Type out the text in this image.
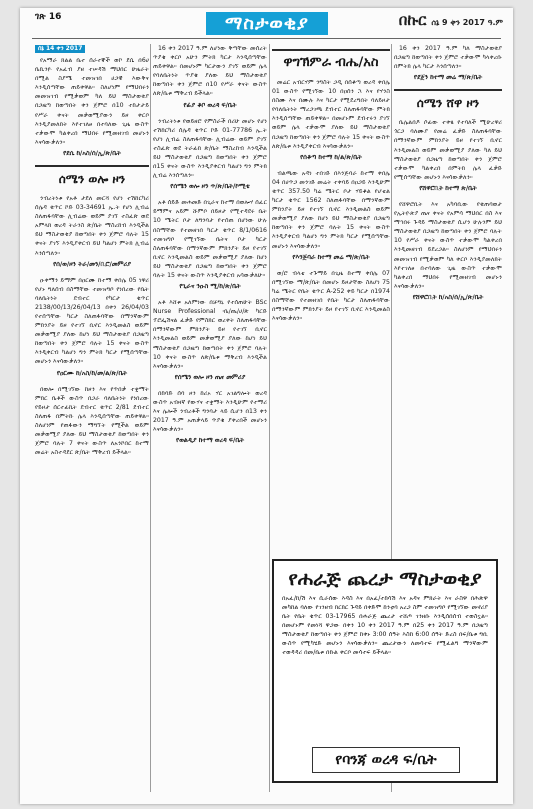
ገጽ 16	ማስታወቂያ	በኩር ሰኔ 9 ቀን 2017 ዓ.ም
ሰኔ 14 ቀን 2017

የአማራ ክልል ቤተ ሰራተኞች ወኮ ደሴ በ6ሀ ቤኪንዮ የአፈብ ያዘ ተሠዳሽ ማህበር ሁዜራት በሚል ስያሜ ተመዝገበ ሀጋዊ እውቅና እንዲሰጣቸው ጠይቀዋል። ስለሆነም የማህበሩን መመዝገብ የሚቃወም ካለ ይህ ማስታወቂያ በጋዜጣ ከወጣበት ቀን ጀምሮ በ10 ተከታታይ የሥራ ቀናት መቃወሚያውን ይዞ ቀርቦ እንዲያመለክት እየተገለፀ በተባለው ጊዜ ውስጥ ተቃውሞ ካልቀረበ ማህበሩ የሚመዘገብ መሆኑን እናሳውቃለን።

የደሴ ከ/አስ/ሰ/ኢ/ጽ/ቤት
ሰሜን ወሎ ዞን

ንብረትነቱ የአቶ ታደለ መርሻ የሆነ ተሽከርካሪ ሰሌዳ ቁጥር ኮድ 03-34691 ኢ.ት የሆነ ሊብሬ ስለጠፋባቸው ሊብሬው ወይም ያገኘ ተስፈጽ ወደ አምላክ ወረዳ ትራንስ ጽ/ቤት ማስረከብ እንዲችል ይህ ማስታወቂያ ከወጣበት ቀን ጀምሮ ባሉት 15 ቀናት ያገኘ እንዲያቀርብ ይህ ካልሆነ ምትክ ሊብሬ እንሰጣለን።

የሰ/ወ/ዞን ትራ/መን/ቢሮ/መምሪያ

ዑቀማን ይማም በዐርሙ ከተማ ቀበሌ 05 ነዋሪ የሆኑ ግለሰብ በስማቸው ተመዝግቦ የነበረው የቤት ባለቤትነት ደብተር የካርታ ቁጥር 2138/00/13/26/04/13 በቀን 26/04/03 የተሰጣቸው ካርታ ስለጠፋባቸው በማንኛውም ምክንያት ይዞ የተገኘ ቢኖር እንዲመልስ ወይም መቃወሚያ ያለው ከሆነ ይህ ማስታወቂያ በጋዜጣ ከወጣበት ቀን ጀምሮ ባሉት 15 ቀናት ውስጥ እንዲቀርብ ካልሆነ ግን ምትክ ካርታ የሚሰጣቸው መሆኑን እናሳውቃለን።

የዐርሙ ከ/አስ/ከ/መ/ል/ጽ/ቤት

በወሎ በሚገኘው ከዞን እና የጥበቃ ተቋማት ምክር ቤቶች ውስጥ በጋራ ባለቤትነት የነበረው የይዞታ ሰርተፊኬት ደብተር ቁጥር 2/81 ደብተር ስለጠፋ በምትኩ ሌላ እንዲሰጣቸው ጠይቀዋል። ስለሆነም የጠፋውን ማግኘት የሚችል ወይም መቃወሚያ ያለው ይህ ማስታወቂያ ከወጣበት ቀን ጀምሮ ባሉት 7 ቀናት ውስጥ ለአንኮበር ከተማ መሬት አስተዳደር ጽ/ቤት ማቅረብ ይችላል።

16 ቀን 2017 ዓ.ም ለሆነው ቅጣቸው መሰረት ጥያቄ ቀርቦ አሁን ምትክ ካርታ እንዲሰጣቸው ጠይቀዋል። በመሆኑም ካርታውን ያገኘ ወይም ሌላ የባለቤትነት ጥያቄ ያለው ይህ ማስታወቂያ ከወጣበት ቀን ጀምሮ በ10 የሥራ ቀናት ውስጥ ለጽ/ቤቱ ማቅረብ ይችላል።

የፊያ ቆቦ ወረዳ ፍ/ቤት

ንብረትነቱ የወይዘሮ የምስራች በሪሁ መሆኑ የሆነ ተሽከርካሪ ሰሌዳ ቁጥር ኮድ 01-77786 ኢ.ት የሆነ ሊብሬ ስለጠፋባቸው ሊብሬው ወይም ያገኘ ተስፈጽ ወደ ትራፊክ ጽ/ቤት ማስረከብ እንዲችል ይህ ማስታወቂያ በጋዜጣ ከወጣበት ቀን ጀምሮ በ15 ቀናት ውስጥ እንዲያቀርብ ካልሆነ ግን ምትክ ሊብሬ እንሰጣለን።

የሰሜን ወሎ ዞን ጥ/ጽ/ቤት/ኮሚቴ

አቶ ሰይድ መሐመድ በጊራና ከተማ በወሎሃ ሰፈር ይማምና አይም ሹምቦ በይዞታ የሚተዳደሩ ቤት 10 ሜትር ቦታ ለግንባታ የተሰጠ በሆነው ሁሉ በስማቸው የተመዘገበ ካርታ ቁጥር 8/1/0616 ተመዝግቦ የሚገኘው ቤትና ቦታ ካርታ ስለጠፋባቸው በማንኛውም ምክንያት ይዞ የተገኘ ቢኖር እንዲመልስ ወይም መቃወሚያ ያለው ከሆነ ይህ ማስታወቂያ በጋዜጣ ከወጣበት ቀን ጀምሮ ባሉት 15 ቀናት ውስጥ እንዲያቀርብ አሳውቃለሁ።

የጊራና ንዑስ ሚ/ከ/ጽ/ቤት

አቶ እሸቱ አለምነው በቻግኒ የተሰጠሁት BSc Nurse Professional ፡ቤ/ጤ/ሀ/ጽ ካርድ ፕሮፌሽናል ፈቃድ የምስክር ወረቀት ስለጠፋባቸው በማንኛውም ምክንያት ይዞ የተገኘ ቢኖር እንዲመልስ ወይም መቃወሚያ ያለው ከሆነ ይህ ማስታወቂያ በጋዜጣ ከወጣበት ቀን ጀምሮ ባሉት 10 ቀናት ውስጥ ለጽ/ቤቱ ማቅረብ እንዲችል እናሳውቃለን።

የሰሜን ወሎ ዞን ጤና መምሪያ

በከባድ ሰባ ዞን ከሪኦ ሃር አገልግሎት ወረዳ ውስጥ አብዛኛ የውሃና ተቋማት እንዲሁም የተማሪ እና ሌሎች ንብረቶች ግንባታ ላይ ሲሆን በ13 ቀን 2017 ዓ.ም አጠቃላይ ጥያቄ ያቀረበች መሆኑን እናሳውቃለን።

የወልዲያ ከተማ ወረዳ ፍ/ቤት
ዋግኽምራ ብሔ/አስ

መሬር አብርሃም ንግስት ጋዲ በሰቆጣ ወረዳ ቀበሌ 01 ውስጥ የሚገኘው 10 በዐሰን ኋ እና የሃንስ በስሙ እና በሙሉ እና ካርታ የሚደረግበት ባለይዞታ የባለቤትነት ማረጋገጫ ደብተር ስለጠፋባቸው ምትክ እንዲሰጣቸው ጠይቀዋል። በመሆኑም ደብተሩን ያገኘ ወይም ሌላ ተቃውሞ ያለው ይህ ማስታወቂያ በጋዜጣ ከወጣበት ቀን ጀምሮ ባሉት 15 ቀናት ውስጥ ለጽ/ቤቱ እንዲያቀርብ እናሳውቃለን።

የሰቆጣ ከተማ ከ/ል/ጽ/ቤት

ብልጫው አዳነ ተበገድ በእንጅባራ ከተማ ቀበሌ 04 በሀጥጋ መንገድ መሬት ተቀባይ በዐጋይ እንዲሁም ቁጥር 357.50 ካሬ ሜትር ቦታ ሃይቆል የሆቴል ካርታ ቁጥር 1562 ስለጠፋባቸው በማንኛውም ምክንያት ይዞ የተገኘ ቢኖር እንዲመልስ ወይም መቃወሚያ ያለው ከሆነ ይህ ማስታወቂያ በጋዜጣ ከወጣበት ቀን ጀምሮ ባሉት 15 ቀናት ውስጥ እንዲያቀርብ ካልሆነ ግን ምትክ ካርታ የሚሰጣቸው መሆኑን እናሳውቃለን።

የእንጅባራ ከተማ መሬ ማ/ጽ/ቤት

ወ/ሮ ብላቴ ተጉማይ በጊዜ ከተማ ቀበሌ 07 በሚገኘው ማ/ጽ/ቤት በመሆኑ ይዞታቸው ስለሆነ 75 ካሬ ሜትር የቤት ቁጥር A-252 ቀይ ካርታ በ1974 በስማቸው የተመዘገበ የቤት ካርታ ስለጠፋባቸው በማንኛውም ምክንያት ይዞ የተገኘ ቢኖር እንዲመልስ እናሳውቃለን።

16 ቀን 2017 ዓ.ም ካለ ማስታወቂያ በጋዜጣ ከወጣበት ቀን ጀምሮ ተቃውሞ ካላቀረቡ በምትክ ሌላ ካርታ እንሰጣለን።

የደጀን ከተማ መሬ ማ/ጽ/ቤት
ሰሜን ሸዋ ዞን

ቤሌልበዶ ሶፊው ተቀፄ የተባለች ሚሁረዋሪ ጎርጋ ባለሙያ የመሬ ፈቃድ ስለጠፋባቸው በማንኛውም ምክንያት ይዞ የተገኘ ቢኖር እንዲመልስ ወይም መቃወሚያ ያለው ካለ ይህ ማስታወቂያ በጋዜጣ ከወጣበት ቀን ጀምሮ ተቃውሞ ካልቀረበ በምትክ ሌላ ፈቃድ የሚሰጣቸው መሆኑን እናሳውቃለን።

የሸዋሮቢት ከተማ ጽ/ቤት

የሸዋሮቢት እና አካባቢው የቁጠባወታ የኢትዮጵያ ጤና ቀናት የአምሳ ማህበር በስ እና ማኅበሩ ጉዳይ ማስታወቂያ ሲሆን ሁሉንም ይህ ማስታወቂያ በጋዜጣ ከወጣበት ቀን ጀምሮ ባሉት 10 የሥራ ቀናት ውስጥ ተቃውሞ ካልቀረበ እንዲመዘገብ ይደረጋል። ስለሆነም የማህበሩን መመዝገብ የሚቃወም ካለ ቀርቦ እንዲያመለክት እየተገለፀ በተባለው ጊዜ ውስጥ ተቃውሞ ካልቀረበ ማህበሩ የሚመዘገብ መሆኑን እናሳውቃለን።

የሸዋሮቢት ከ/አስ/ሰ/ኢ/ጽ/ቤት
የሐራጅ ጨረታ ማስታወቂያ
በአፈ/ከ/ሽ እና ሲራሰው እዳስ እና በአፈ/ተከሳሽ እና አዳና ምክራት እና ራስዋ በሕጽዋ መካከል ባለው የገንዘብ ክርክር ጉዳይ በቀድሞ ከንቲባ አረጋ ስም ተመዝግቦ የሚገኘው መኖሪያ ቤት የቤት ቁጥር 03-17965 በሐራጅ ጨረታ ተሸጦ ገንዘቡ እንዲሰበሰብ ተወስኗል። በመሆኑም የመነሻ ዋጋው በቀን 10 ቀን 2017 ዓ.ም በ25 ቀን 2017 ዓ.ም በጋዜጣ ማስታወቂያ ከወጣበት ቀን ጀምሮ ከቀኑ 3:00 ሰዓት እስከ 6:00 ሰዓት ድረስ በፍ/ቤቱ ግቢ ውስጥ የሚካሄድ መሆኑን እናሳውቃለን። ጨረታውን ለመሳተፍ የሚፈልግ ማንኛውም ተወዳዳሪ በመ/ቤቱ በኩል ቀርቦ መሳተፍ ይችላል።
የባንጃ ወረዳ ፍ/ቤት
